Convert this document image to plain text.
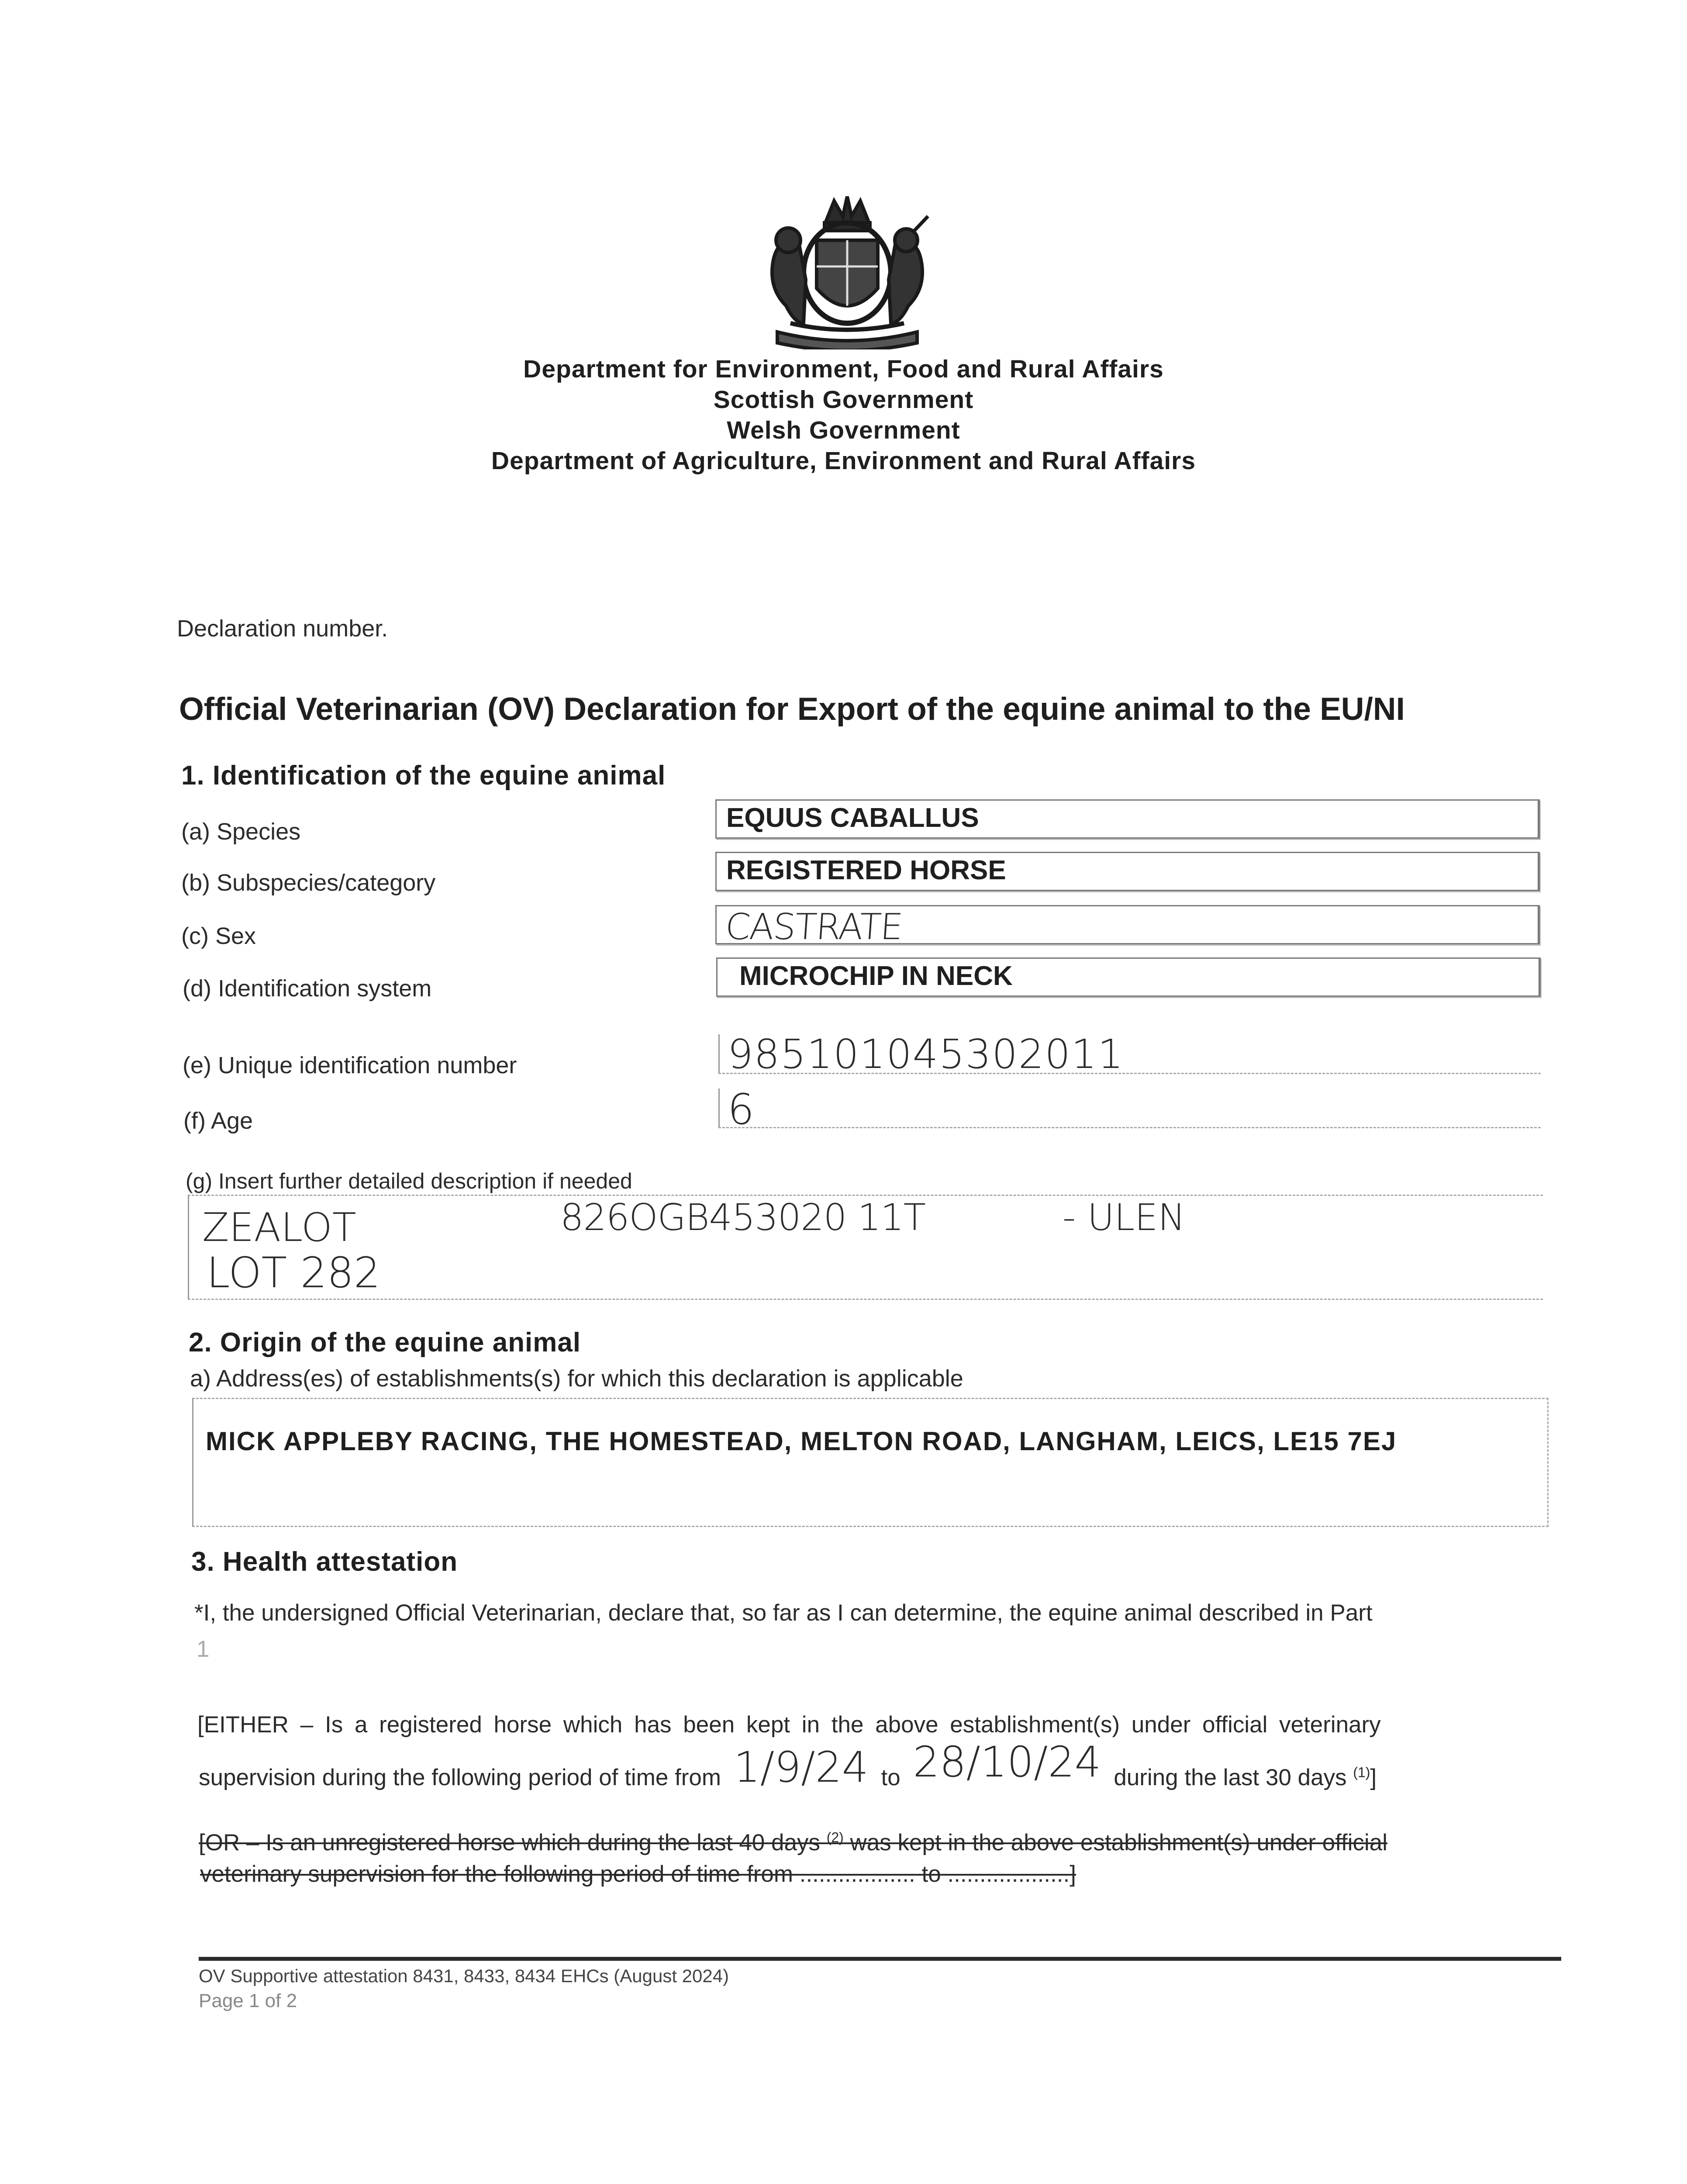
Department for Environment, Food and Rural Affairs
Scottish Government
Welsh Government
Department of Agriculture, Environment and Rural Affairs
Declaration number.
Official Veterinarian (OV) Declaration for Export of the equine animal to the EU/NI
1. Identification of the equine animal
(a) Species	EQUUS CABALLUS
(b) Subspecies/category	REGISTERED HORSE
(c) Sex	CASTRATE
(d) Identification system	MICROCHIP IN NECK
(e) Unique identification number	985101045302011
(f) Age	6
(g) Insert further detailed description if needed
ZEALOT	826OGB453020 11T	- ULEN
LOT 282
2. Origin of the equine animal
a) Address(es) of establishments(s) for which this declaration is applicable
MICK APPLEBY RACING, THE HOMESTEAD, MELTON ROAD, LANGHAM, LEICS, LE15 7EJ
3. Health attestation
*I, the undersigned Official Veterinarian, declare that, so far as I can determine, the equine animal described in Part
1
[EITHER – Is a registered horse which has been kept in the above establishment(s) under official veterinary
supervision during the following period of time from 1/9/24 to 28/10/24 during the last 30 days $^{(1)}$]
[OR – Is an unregistered horse which during the last 40 days $^{(2)}$ was kept in the above establishment(s) under official
veterinary supervision for the following period of time from .................. to ...................]
OV Supportive attestation 8431, 8433, 8434 EHCs (August 2024)
Page 1 of 2
